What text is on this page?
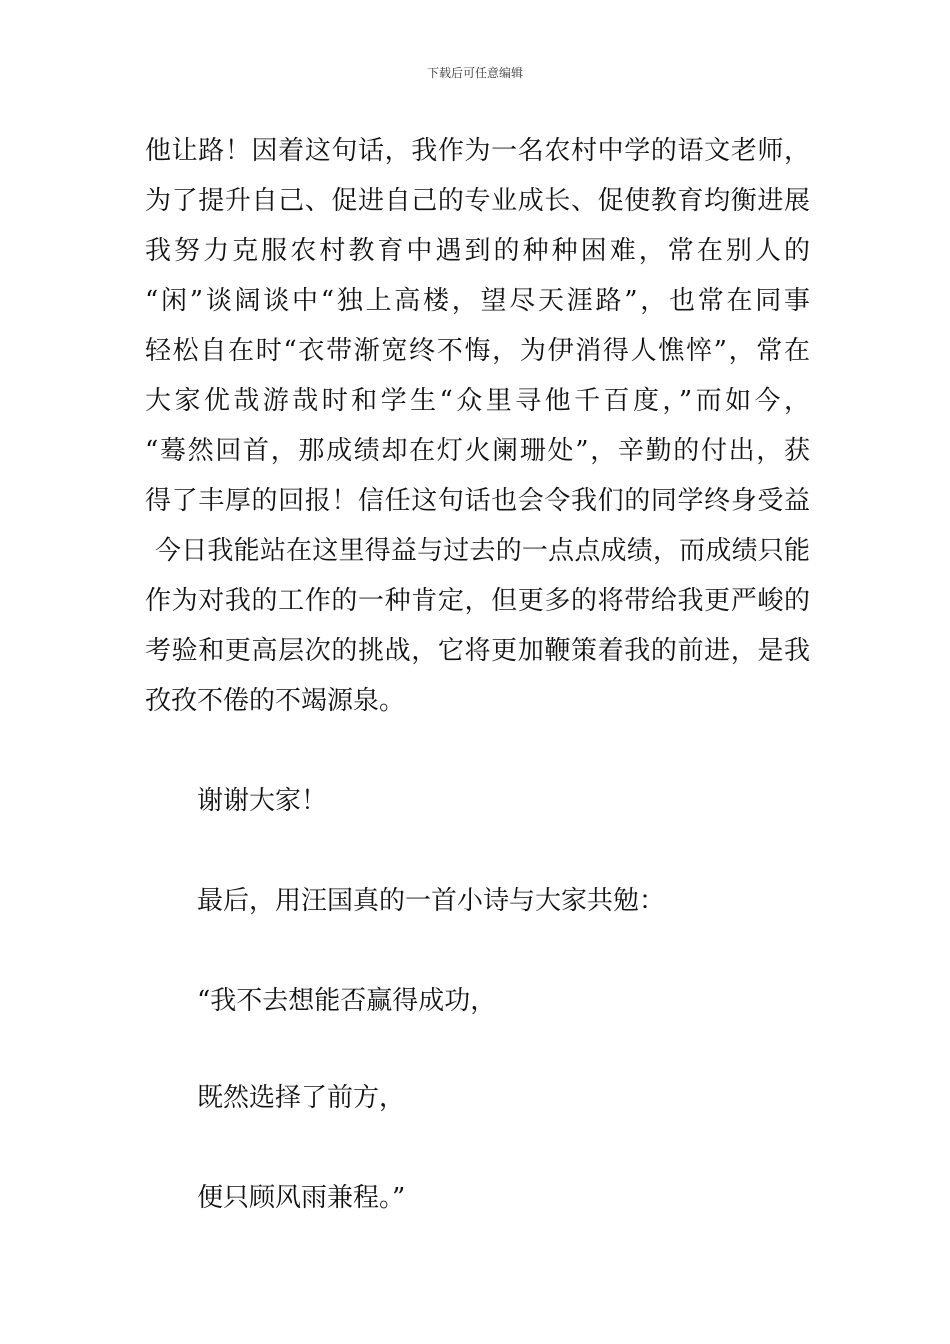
下载后可任意编辑
他让路！因着这句话，我作为一名农村中学的语文老师，
为了提升自己、促进自己的专业成长、促使教育均衡进展
我努力克服农村教育中遇到的种种困难，常在别人的
“闲”谈阔谈中“独上高楼，望尽天涯路”，也常在同事
轻松自在时“衣带渐宽终不悔，为伊消得人憔悴”，常在
大家优哉游哉时和学生“众里寻他千百度，”而如今，
“蓦然回首，那成绩却在灯火阑珊处”，辛勤的付出，获
得了丰厚的回报！信任这句话也会令我们的同学终身受益
今日我能站在这里得益与过去的一点点成绩，而成绩只能
作为对我的工作的一种肯定，但更多的将带给我更严峻的
考验和更高层次的挑战，它将更加鞭策着我的前进，是我
孜孜不倦的不竭源泉。
谢谢大家！
最后，用汪国真的一首小诗与大家共勉：
“我不去想能否赢得成功，
既然选择了前方，
便只顾风雨兼程。”
